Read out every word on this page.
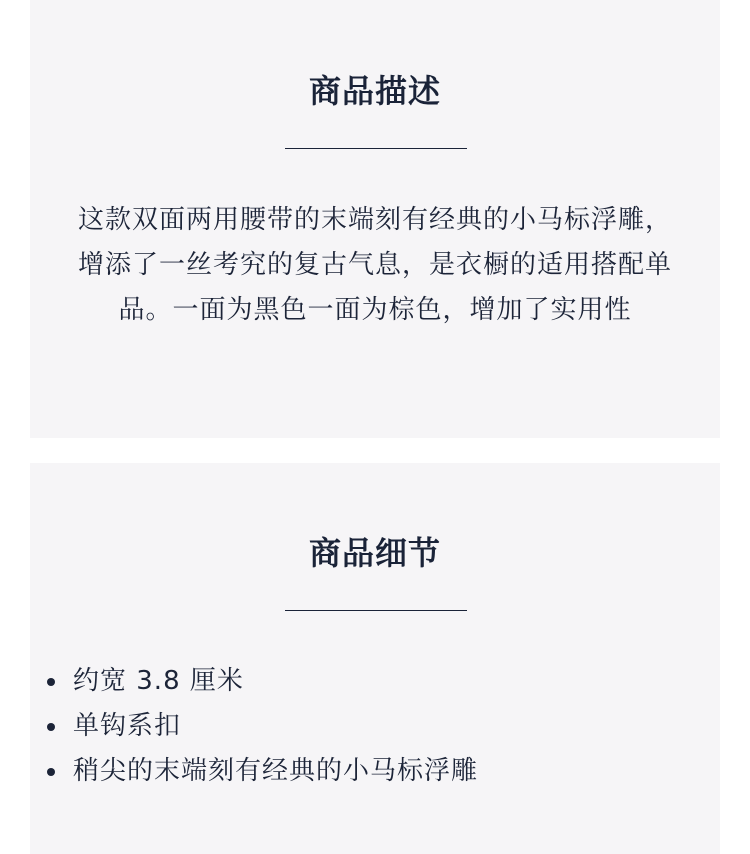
商品描述

这款双面两用腰带的末端刻有经典的小马标浮雕，增添了一丝考究的复古气息，是衣橱的适用搭配单品。一面为黑色一面为棕色，增加了实用性

商品细节
约宽 3.8 厘米
单钩系扣
稍尖的末端刻有经典的小马标浮雕
